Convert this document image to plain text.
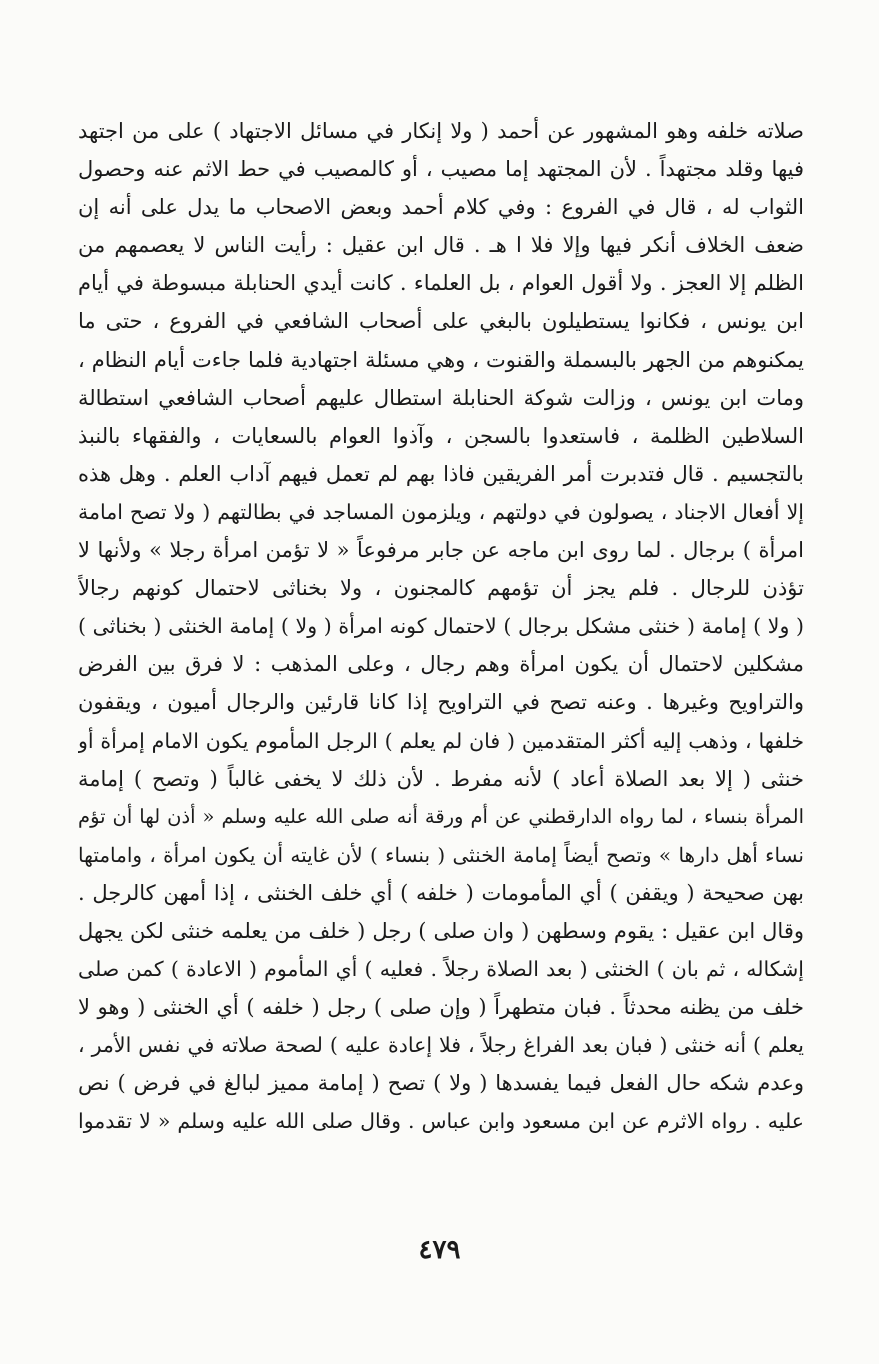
صلاته خلفه وهو المشهور عن أحمد ( ولا إنكار في مسائل الاجتهاد ) على من اجتهد
فيها وقلد مجتهداً . لأن المجتهد إما مصيب ، أو كالمصيب في حط الاثم عنه وحصول
الثواب له ، قال في الفروع : وفي كلام أحمد وبعض الاصحاب ما يدل على أنه إن
ضعف الخلاف أنكر فيها وإلا فلا ا هـ . قال ابن عقيل : رأيت الناس لا يعصمهم من
الظلم إلا العجز . ولا أقول العوام ، بل العلماء . كانت أيدي الحنابلة مبسوطة في أيام
ابن يونس ، فكانوا يستطيلون بالبغي على أصحاب الشافعي في الفروع ، حتى ما
يمكنوهم من الجهر بالبسملة والقنوت ، وهي مسئلة اجتهادية فلما جاءت أيام النظام ،
ومات ابن يونس ، وزالت شوكة الحنابلة استطال عليهم أصحاب الشافعي استطالة
السلاطين الظلمة ، فاستعدوا بالسجن ، وآذوا العوام بالسعايات ، والفقهاء بالنبذ
بالتجسيم . قال فتدبرت أمر الفريقين فاذا بهم لم تعمل فيهم آداب العلم . وهل هذه
إلا أفعال الاجناد ، يصولون في دولتهم ، ويلزمون المساجد في بطالتهم ( ولا تصح امامة
امرأة ) برجال . لما روى ابن ماجه عن جابر مرفوعاً « لا تؤمن امرأة رجلا » ولأنها لا
تؤذن للرجال . فلم يجز أن تؤمهم كالمجنون ، ولا بخناثى لاحتمال كونهم رجالاً
( ولا ) إمامة ( خنثى مشكل برجال ) لاحتمال كونه امرأة ( ولا ) إمامة الخنثى ( بخناثى )
مشكلين لاحتمال أن يكون امرأة وهم رجال ، وعلى المذهب : لا فرق بين الفرض
والتراويح وغيرها . وعنه تصح في التراويح إذا كانا قارئين والرجال أميون ، ويقفون
خلفها ، وذهب إليه أكثر المتقدمين ( فان لم يعلم ) الرجل المأموم يكون الامام إمرأة أو
خنثى ( إلا بعد الصلاة أعاد ) لأنه مفرط . لأن ذلك لا يخفى غالباً ( وتصح ) إمامة
المرأة بنساء ، لما رواه الدارقطني عن أم ورقة أنه صلى الله عليه وسلم « أذن لها أن تؤم
نساء أهل دارها » وتصح أيضاً إمامة الخنثى ( بنساء ) لأن غايته أن يكون امرأة ، وامامتها
بهن صحيحة ( ويقفن ) أي المأمومات ( خلفه ) أي خلف الخنثى ، إذا أمهن كالرجل .
وقال ابن عقيل : يقوم وسطهن ( وان صلى ) رجل ( خلف من يعلمه خنثى لكن يجهل
إشكاله ، ثم بان ) الخنثى ( بعد الصلاة رجلاً . فعليه ) أي المأموم ( الاعادة ) كمن صلى
خلف من يظنه محدثاً . فبان متطهراً ( وإن صلى ) رجل ( خلفه ) أي الخنثى ( وهو لا
يعلم ) أنه خنثى ( فبان بعد الفراغ رجلاً ، فلا إعادة عليه ) لصحة صلاته في نفس الأمر ،
وعدم شكه حال الفعل فيما يفسدها ( ولا ) تصح ( إمامة مميز لبالغ في فرض ) نص
عليه . رواه الاثرم عن ابن مسعود وابن عباس . وقال صلى الله عليه وسلم « لا تقدموا
٤٧٩
